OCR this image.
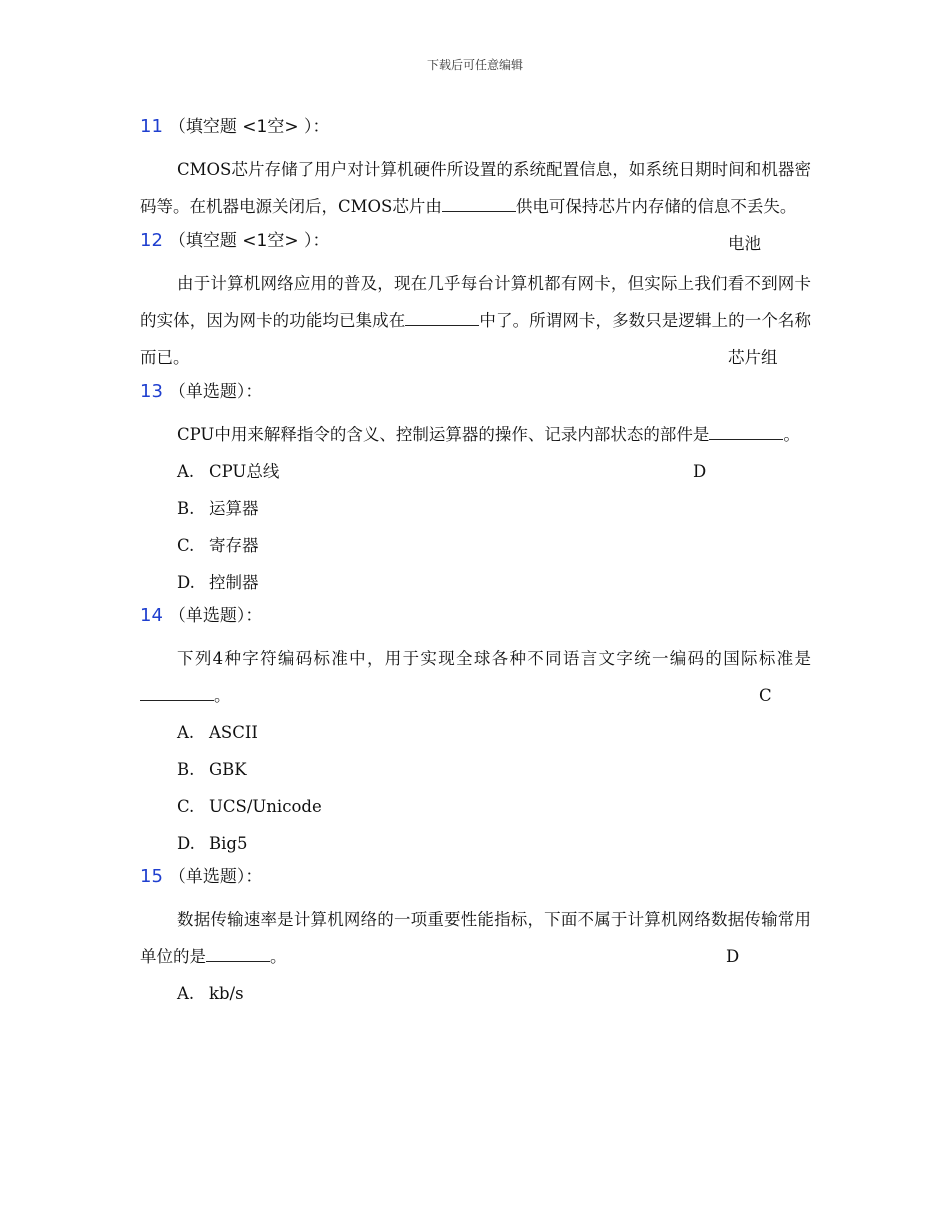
下载后可任意编辑
11 （填空题 <1空> ）：

CMOS芯片存储了用户对计算机硬件所设置的系统配置信息，如系统日期时间和机器密码等。在机器电源关闭后，CMOS芯片由	供电可保持芯片内存储的信息不丢失。

电池
12 （填空题 <1空> ）：

由于计算机网络应用的普及，现在几乎每台计算机都有网卡，但实际上我们看不到网卡的实体，因为网卡的功能均已集成在	中了。所谓网卡，多数只是逻辑上的一个名称而已。	芯片组
13 （单选题）：

CPU中用来解释指令的含义、控制运算器的操作、记录内部状态的部件是	。

D
A. CPU总线
B. 运算器
C. 寄存器
D. 控制器
14 （单选题）：

下列4种字符编码标准中，用于实现全球各种不同语言文字统一编码的国际标准是。	C
A. ASCII
B. GBK
C. UCS/Unicode
D. Big5
15 （单选题）：

数据传输速率是计算机网络的一项重要性能指标，下面不属于计算机网络数据传输常用单位的是	。	D
A. kb/s
